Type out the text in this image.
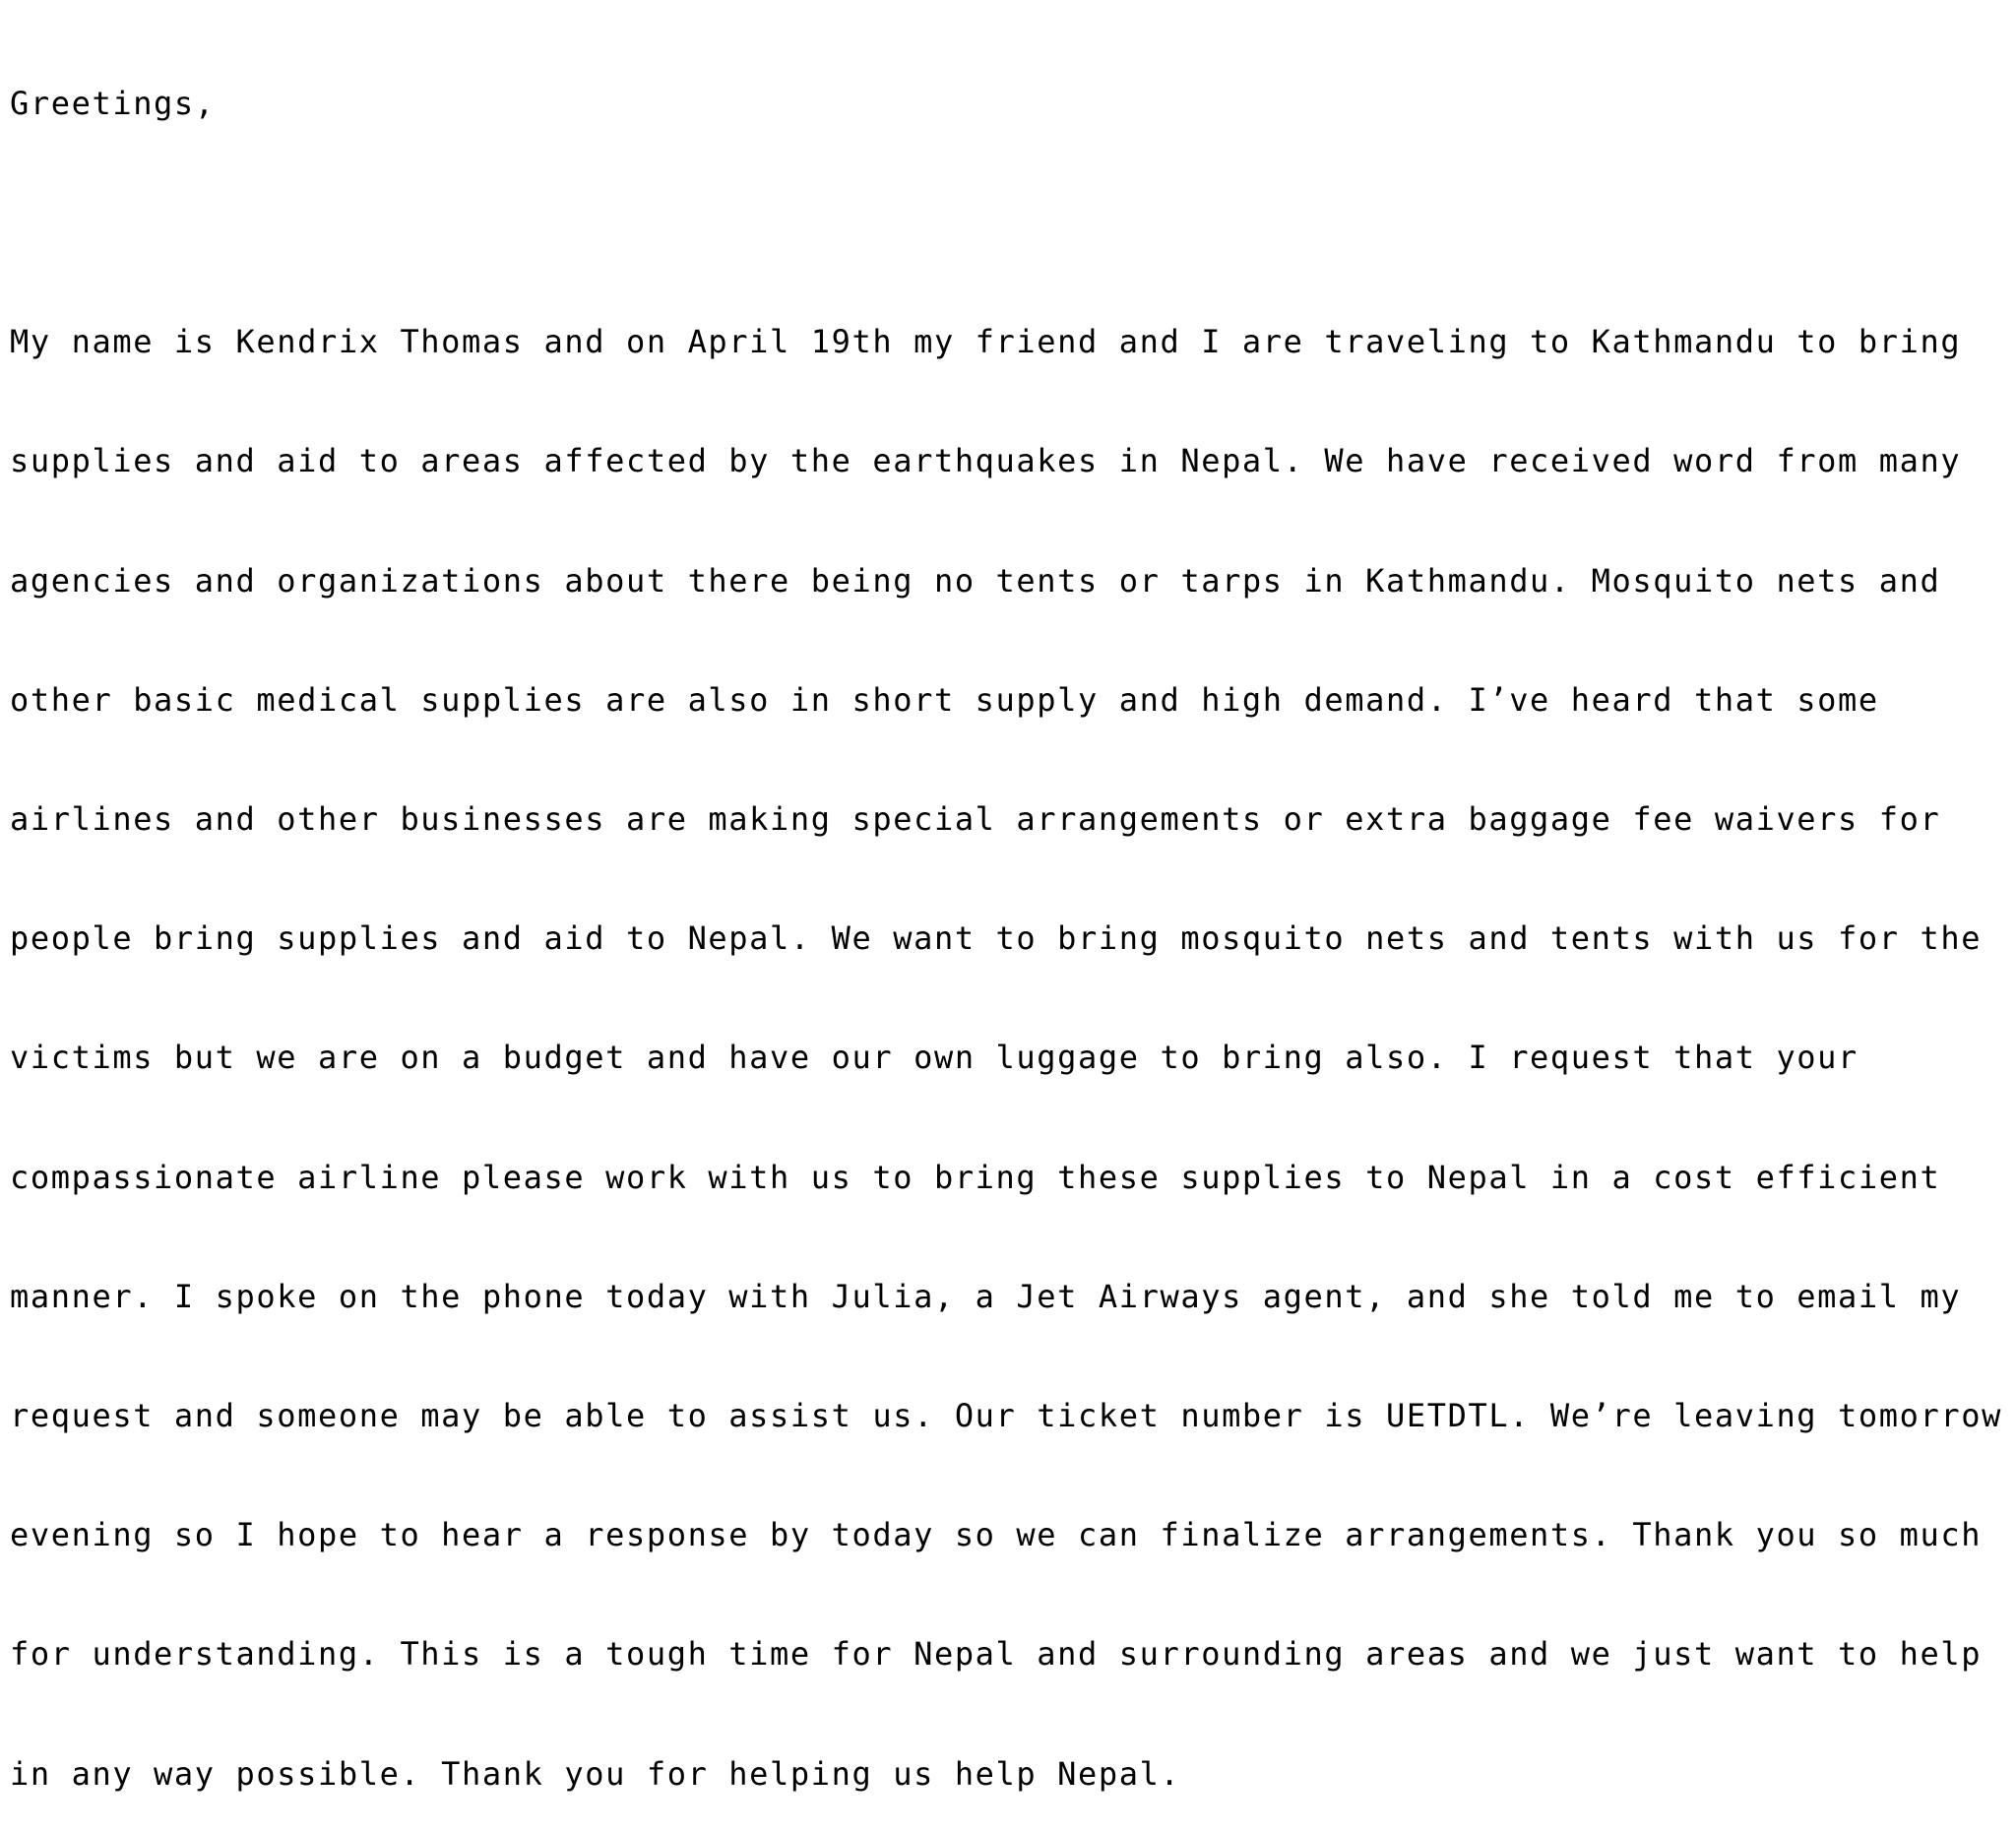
Greetings,

My name is Kendrix Thomas and on April 19th my friend and I are traveling to Kathmandu to bring

supplies and aid to areas affected by the earthquakes in Nepal. We have received word from many

agencies and organizations about there being no tents or tarps in Kathmandu. Mosquito nets and

other basic medical supplies are also in short supply and high demand. I’ve heard that some

airlines and other businesses are making special arrangements or extra baggage fee waivers for

people bring supplies and aid to Nepal. We want to bring mosquito nets and tents with us for the

victims but we are on a budget and have our own luggage to bring also. I request that your

compassionate airline please work with us to bring these supplies to Nepal in a cost efficient

manner. I spoke on the phone today with Julia, a Jet Airways agent, and she told me to email my

request and someone may be able to assist us. Our ticket number is UETDTL. We’re leaving tomorrow

evening so I hope to hear a response by today so we can finalize arrangements. Thank you so much

for understanding. This is a tough time for Nepal and surrounding areas and we just want to help

in any way possible. Thank you for helping us help Nepal.
